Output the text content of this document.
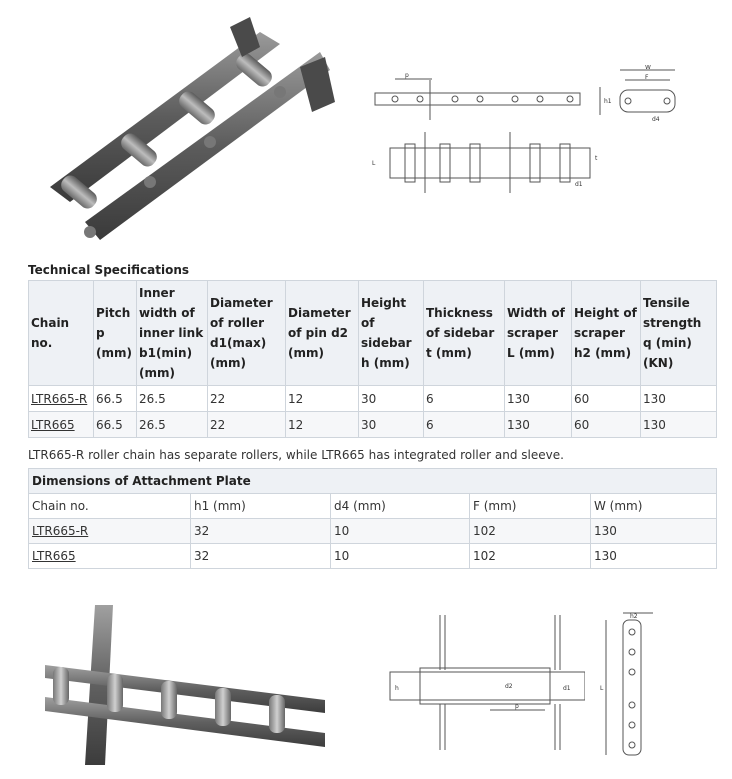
p
W
F
h1
d4
L
t
d1
Technical Specifications
Chain no.	Pitch p (mm)	Inner width of inner link b1(min) (mm)	Diameter of roller d1(max) (mm)	Diameter of pin d2 (mm)	Height of sidebar h (mm)	Thickness of sidebar t (mm)	Width of scraper L (mm)	Height of scraper h2 (mm)	Tensile strength q (min) (KN)
LTR665-R	66.5	26.5	22	12	30	6	130	60	130
LTR665	66.5	26.5	22	12	30	6	130	60	130
LTR665-R roller chain has separate rollers, while LTR665 has integrated roller and sleeve.
Dimensions of Attachment Plate				
Chain no.	h1 (mm)	d4 (mm)	F (mm)	W (mm)
LTR665-R	32	10	102	130
LTR665	32	10	102	130
h	d2	d1
p
h2
L
